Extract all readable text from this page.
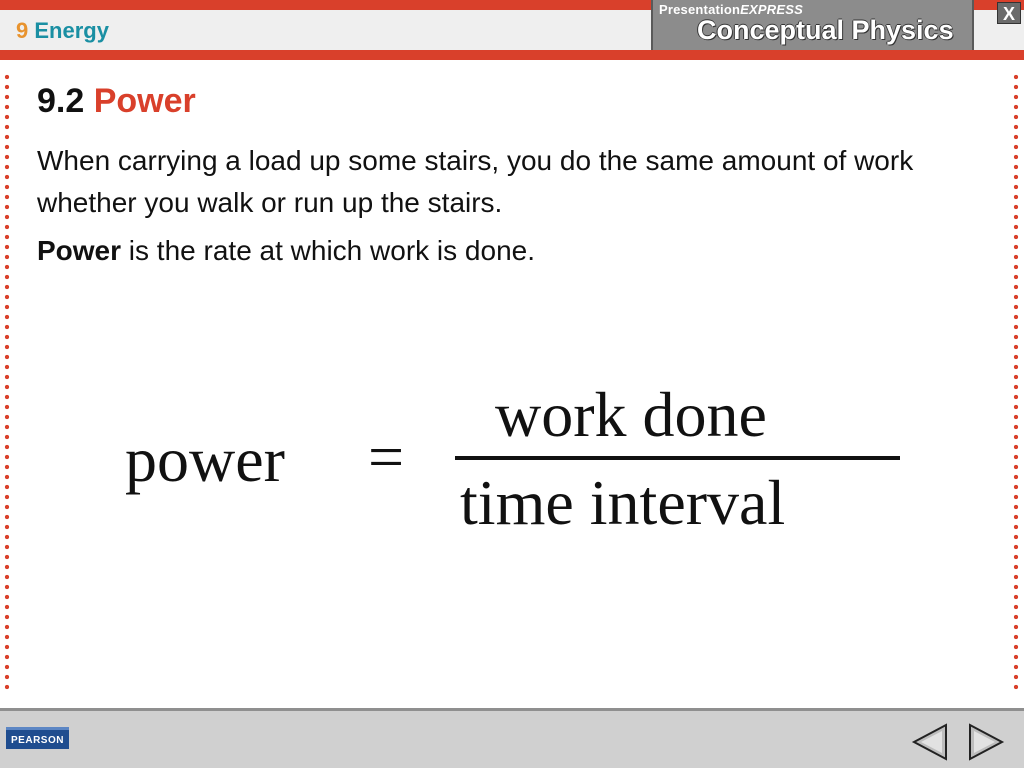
9 Energy
PresentationEXPRESS
Conceptual Physics
X
9.2 Power
When carrying a load up some stairs, you do the same amount of work whether you walk or run up the stairs.
Power is the rate at which work is done.
power =
work done
time interval
PEARSON
